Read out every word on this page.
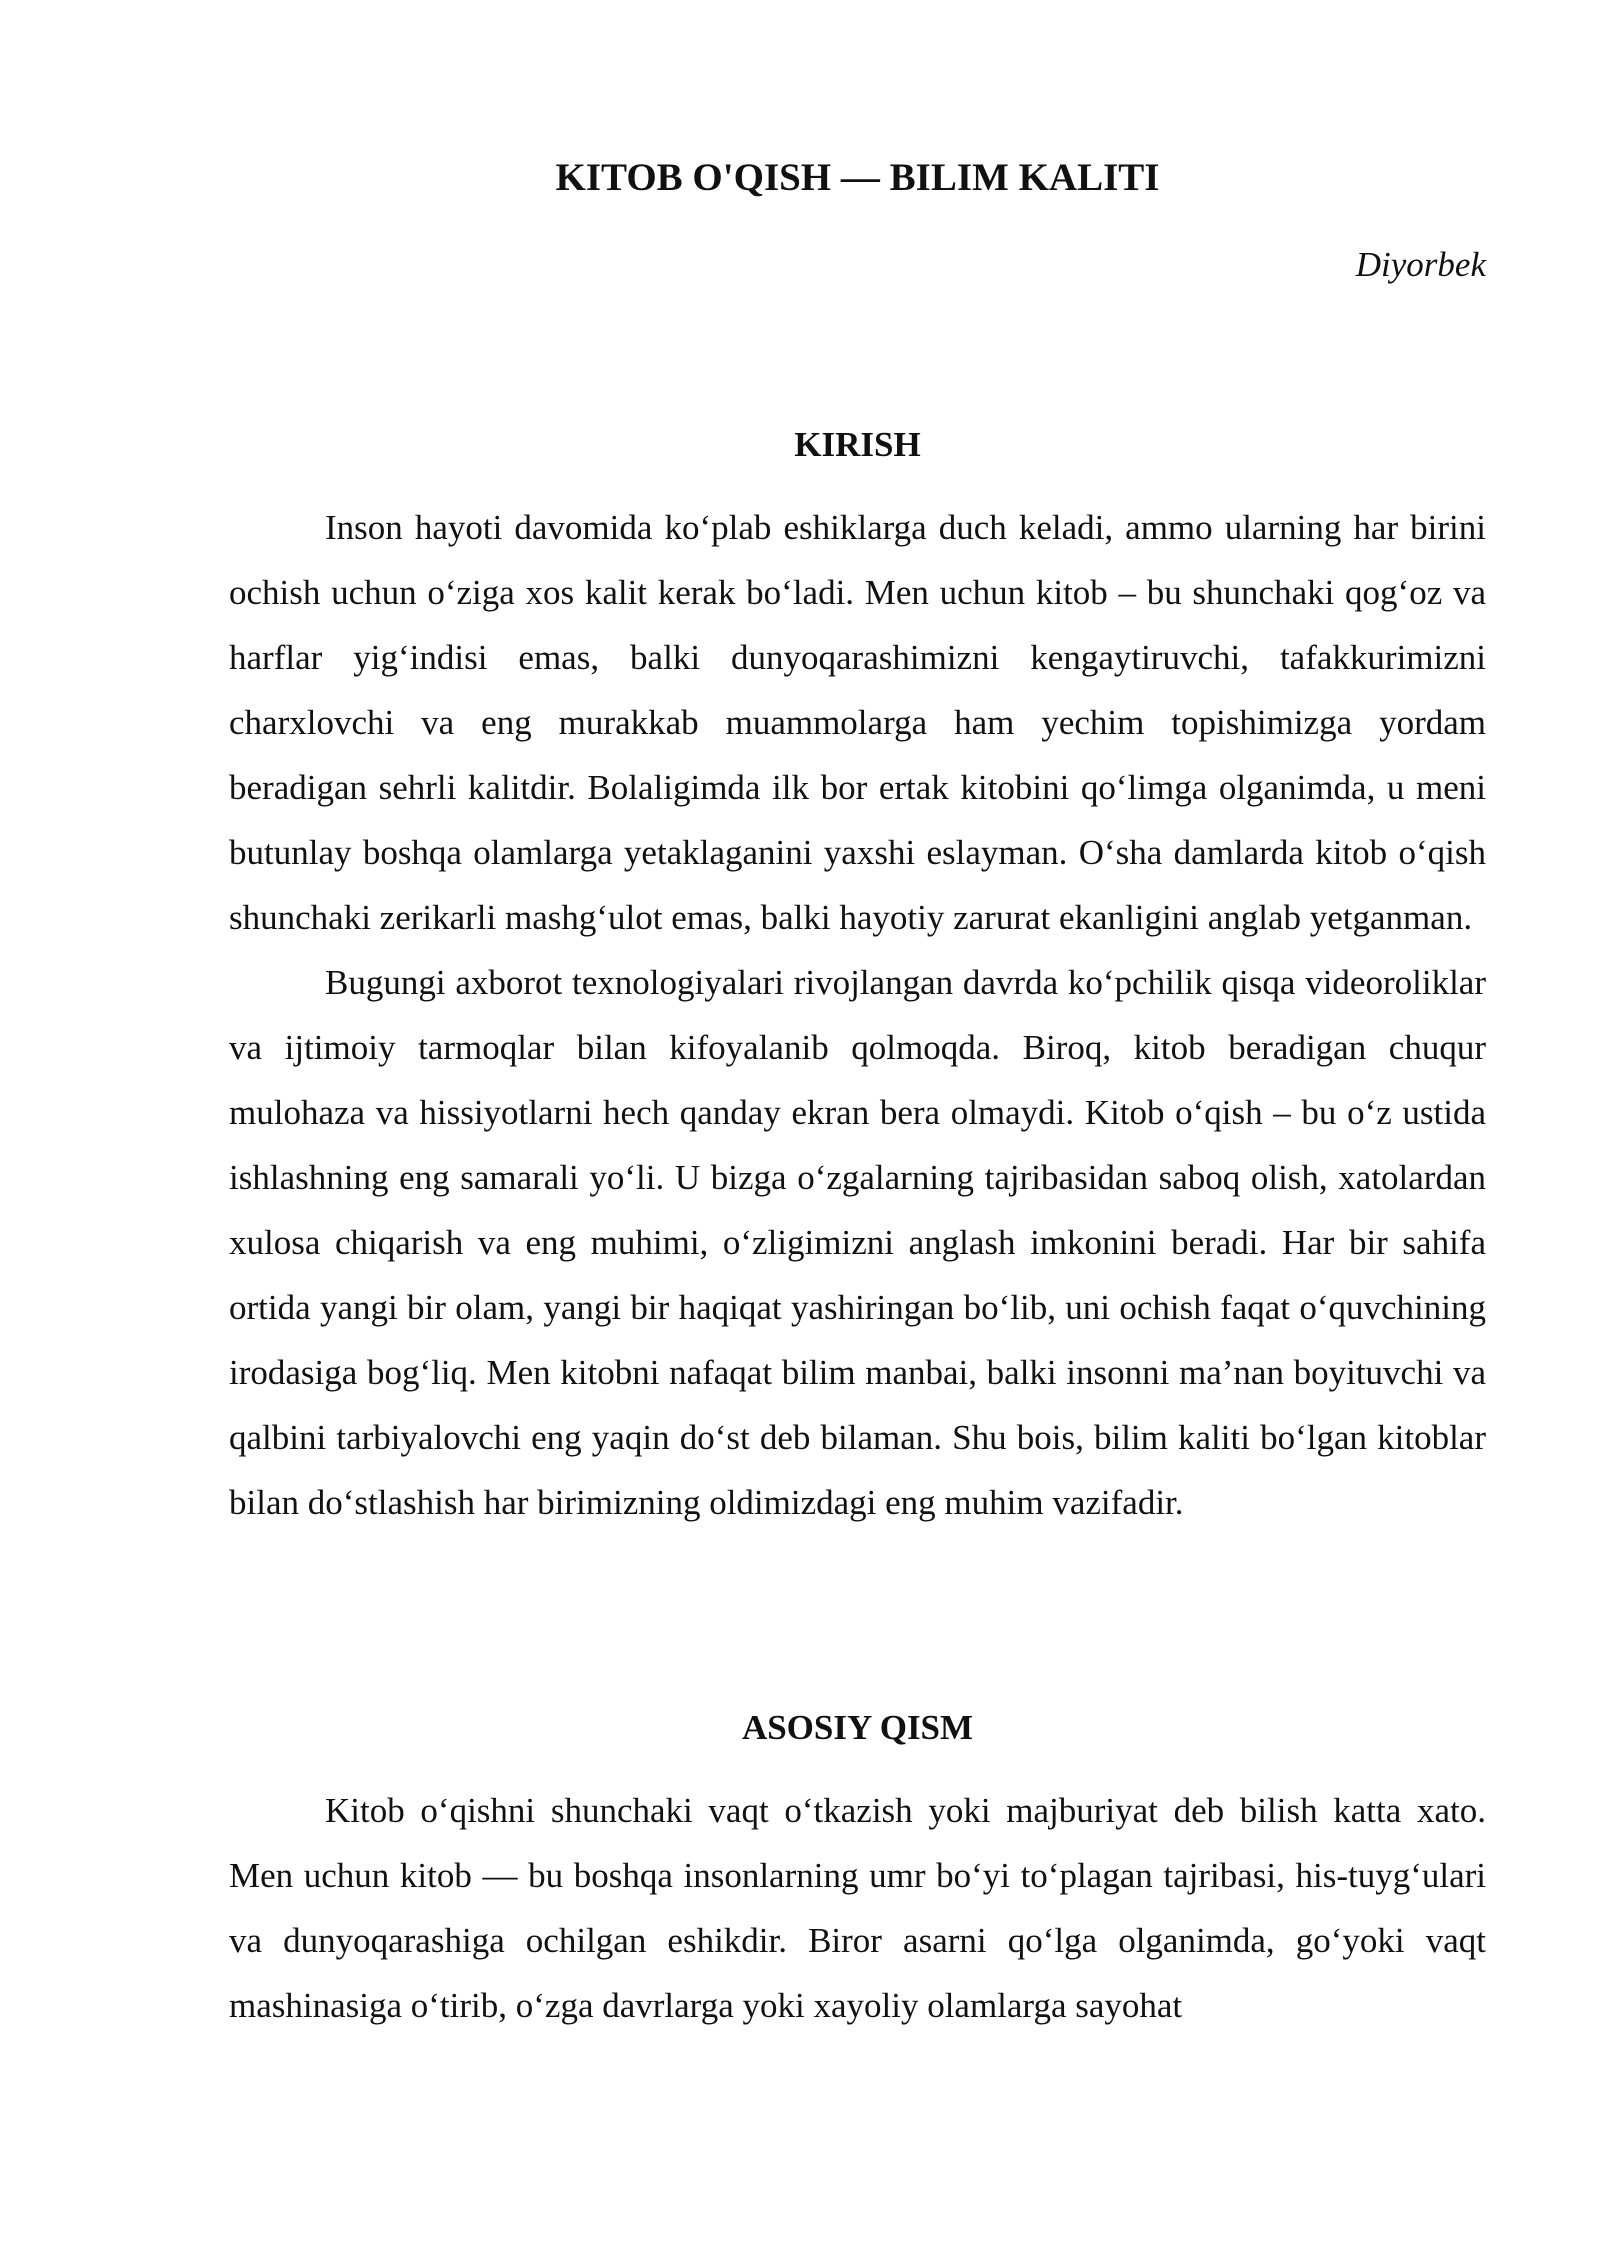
KITOB O'QISH — BILIM KALITI

Diyorbek

KIRISH

Inson hayoti davomida ko‘plab eshiklarga duch keladi, ammo ularning har birini ochish uchun o‘ziga xos kalit kerak bo‘ladi. Men uchun kitob – bu shunchaki qog‘oz va harflar yig‘indisi emas, balki dunyoqarashimizni kengaytiruvchi, tafakkurimizni charxlovchi va eng murakkab muammolarga ham yechim topishimizga yordam beradigan sehrli kalitdir. Bolaligimda ilk bor ertak kitobini qo‘limga olganimda, u meni butunlay boshqa olamlarga yetaklaganini yaxshi eslayman. O‘sha damlarda kitob o‘qish shunchaki zerikarli mashg‘ulot emas, balki hayotiy zarurat ekanligini anglab yetganman.

Bugungi axborot texnologiyalari rivojlangan davrda ko‘pchilik qisqa videoroliklar va ijtimoiy tarmoqlar bilan kifoyalanib qolmoqda. Biroq, kitob beradigan chuqur mulohaza va hissiyotlarni hech qanday ekran bera olmaydi. Kitob o‘qish – bu o‘z ustida ishlashning eng samarali yo‘li. U bizga o‘zgalarning tajribasidan saboq olish, xatolardan xulosa chiqarish va eng muhimi, o‘zligimizni anglash imkonini beradi. Har bir sahifa ortida yangi bir olam, yangi bir haqiqat yashiringan bo‘lib, uni ochish faqat o‘quvchining irodasiga bog‘liq. Men kitobni nafaqat bilim manbai, balki insonni ma’nan boyituvchi va qalbini tarbiyalovchi eng yaqin do‘st deb bilaman. Shu bois, bilim kaliti bo‘lgan kitoblar bilan do‘stlashish har birimizning oldimizdagi eng muhim vazifadir.

ASOSIY QISM

Kitob o‘qishni shunchaki vaqt o‘tkazish yoki majburiyat deb bilish katta xato. Men uchun kitob — bu boshqa insonlarning umr bo‘yi to‘plagan tajribasi, his-tuyg‘ulari va dunyoqarashiga ochilgan eshikdir. Biror asarni qo‘lga olganimda, go‘yoki vaqt mashinasiga o‘tirib, o‘zga davrlarga yoki xayoliy olamlarga sayohat
